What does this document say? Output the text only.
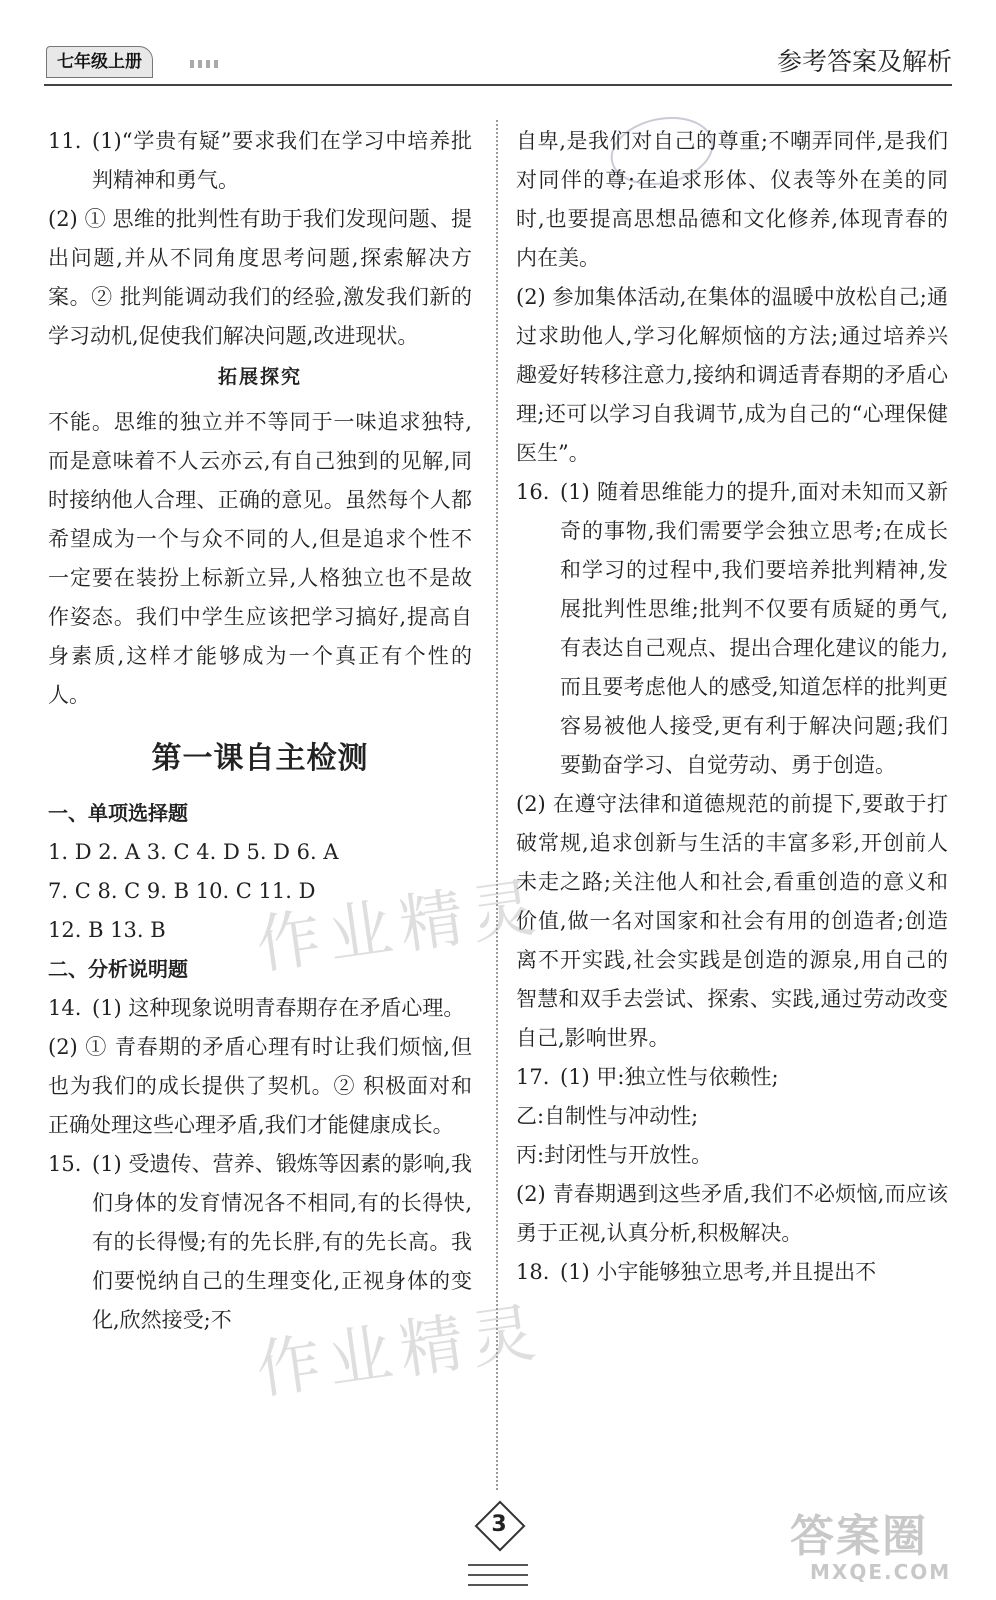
七年级上册	参考答案及解析
11. (1)“学贵有疑”要求我们在学习中培养批判精神和勇气。

(2) ① 思维的批判性有助于我们发现问题、提出问题,并从不同角度思考问题,探索解决方案。② 批判能调动我们的经验,激发我们新的学习动机,促使我们解决问题,改进现状。

拓展探究

不能。思维的独立并不等同于一味追求独特,而是意味着不人云亦云,有自己独到的见解,同时接纳他人合理、正确的意见。虽然每个人都希望成为一个与众不同的人,但是追求个性不一定要在装扮上标新立异,人格独立也不是故作姿态。我们中学生应该把学习搞好,提高自身素质,这样才能够成为一个真正有个性的人。

第一课自主检测

一、单项选择题

1. D 2. A 3. C 4. D 5. D 6. A

7. C 8. C 9. B 10. C 11. D

12. B 13. B

二、分析说明题

14. (1) 这种现象说明青春期存在矛盾心理。

(2) ① 青春期的矛盾心理有时让我们烦恼,但也为我们的成长提供了契机。② 积极面对和正确处理这些心理矛盾,我们才能健康成长。

15. (1) 受遗传、营养、锻炼等因素的影响,我们身体的发育情况各不相同,有的长得快,有的长得慢;有的先长胖,有的先长高。我们要悦纳自己的生理变化,正视身体的变化,欣然接受;不

自卑,是我们对自己的尊重;不嘲弄同伴,是我们对同伴的尊;在追求形体、仪表等外在美的同时,也要提高思想品德和文化修养,体现青春的内在美。

(2) 参加集体活动,在集体的温暖中放松自己;通过求助他人,学习化解烦恼的方法;通过培养兴趣爱好转移注意力,接纳和调适青春期的矛盾心理;还可以学习自我调节,成为自己的“心理保健医生”。

16. (1) 随着思维能力的提升,面对未知而又新奇的事物,我们需要学会独立思考;在成长和学习的过程中,我们要培养批判精神,发展批判性思维;批判不仅要有质疑的勇气,有表达自己观点、提出合理化建议的能力,而且要考虑他人的感受,知道怎样的批判更容易被他人接受,更有利于解决问题;我们要勤奋学习、自觉劳动、勇于创造。

(2) 在遵守法律和道德规范的前提下,要敢于打破常规,追求创新与生活的丰富多彩,开创前人未走之路;关注他人和社会,看重创造的意义和价值,做一名对国家和社会有用的创造者;创造离不开实践,社会实践是创造的源泉,用自己的智慧和双手去尝试、探索、实践,通过劳动改变自己,影响世界。

17. (1) 甲:独立性与依赖性;

乙:自制性与冲动性;

丙:封闭性与开放性。

(2) 青春期遇到这些矛盾,我们不必烦恼,而应该勇于正视,认真分析,积极解决。

18. (1) 小宇能够独立思考,并且提出不

作业精灵
作业精灵
3	答案圈
MXQE.COM
